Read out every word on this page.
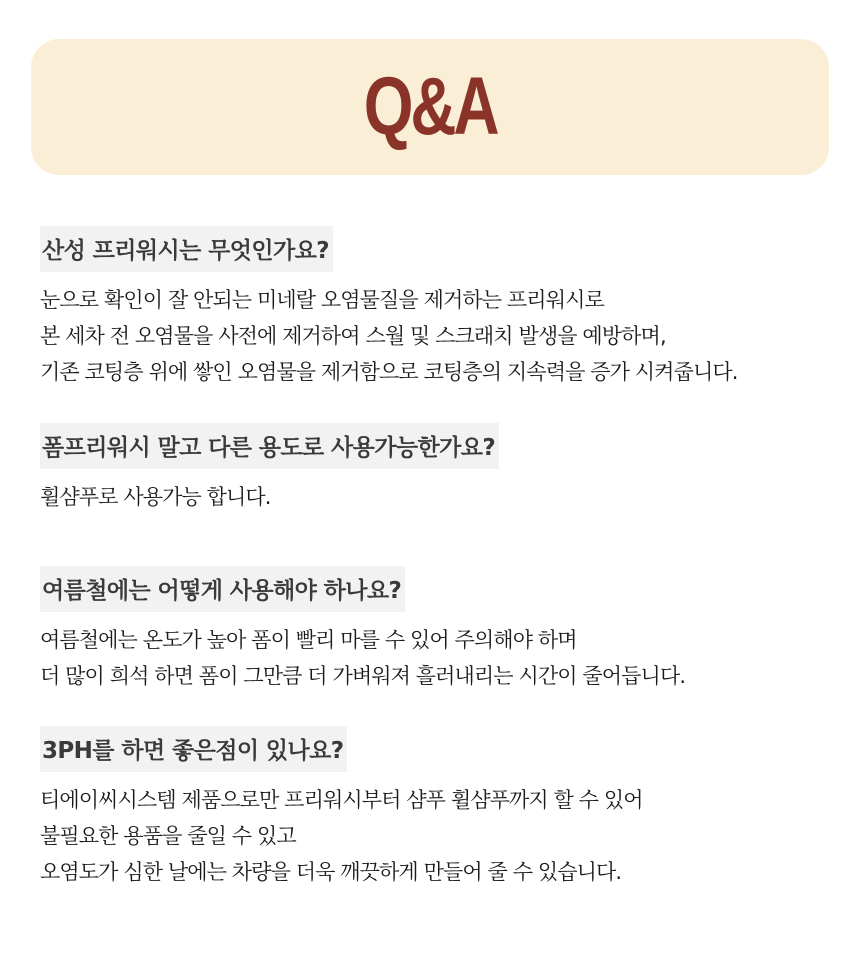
Q&A
산성 프리워시는 무엇인가요?
눈으로 확인이 잘 안되는 미네랄 오염물질을 제거하는 프리워시로
본 세차 전 오염물을 사전에 제거하여 스월 및 스크래치 발생을 예방하며,
기존 코팅층 위에 쌓인 오염물을 제거함으로 코팅층의 지속력을 증가 시켜줍니다.
폼프리워시 말고 다른 용도로 사용가능한가요?
휠샴푸로 사용가능 합니다.
여름철에는 어떻게 사용해야 하나요?
여름철에는 온도가 높아 폼이 빨리 마를 수 있어 주의해야 하며
더 많이 희석 하면 폼이 그만큼 더 가벼워져 흘러내리는 시간이 줄어듭니다.
3PH를 하면 좋은점이 있나요?
티에이씨시스템 제품으로만 프리워시부터 샴푸 휠샴푸까지 할 수 있어
불필요한 용품을 줄일 수 있고
오염도가 심한 날에는 차량을 더욱 깨끗하게 만들어 줄 수 있습니다.
